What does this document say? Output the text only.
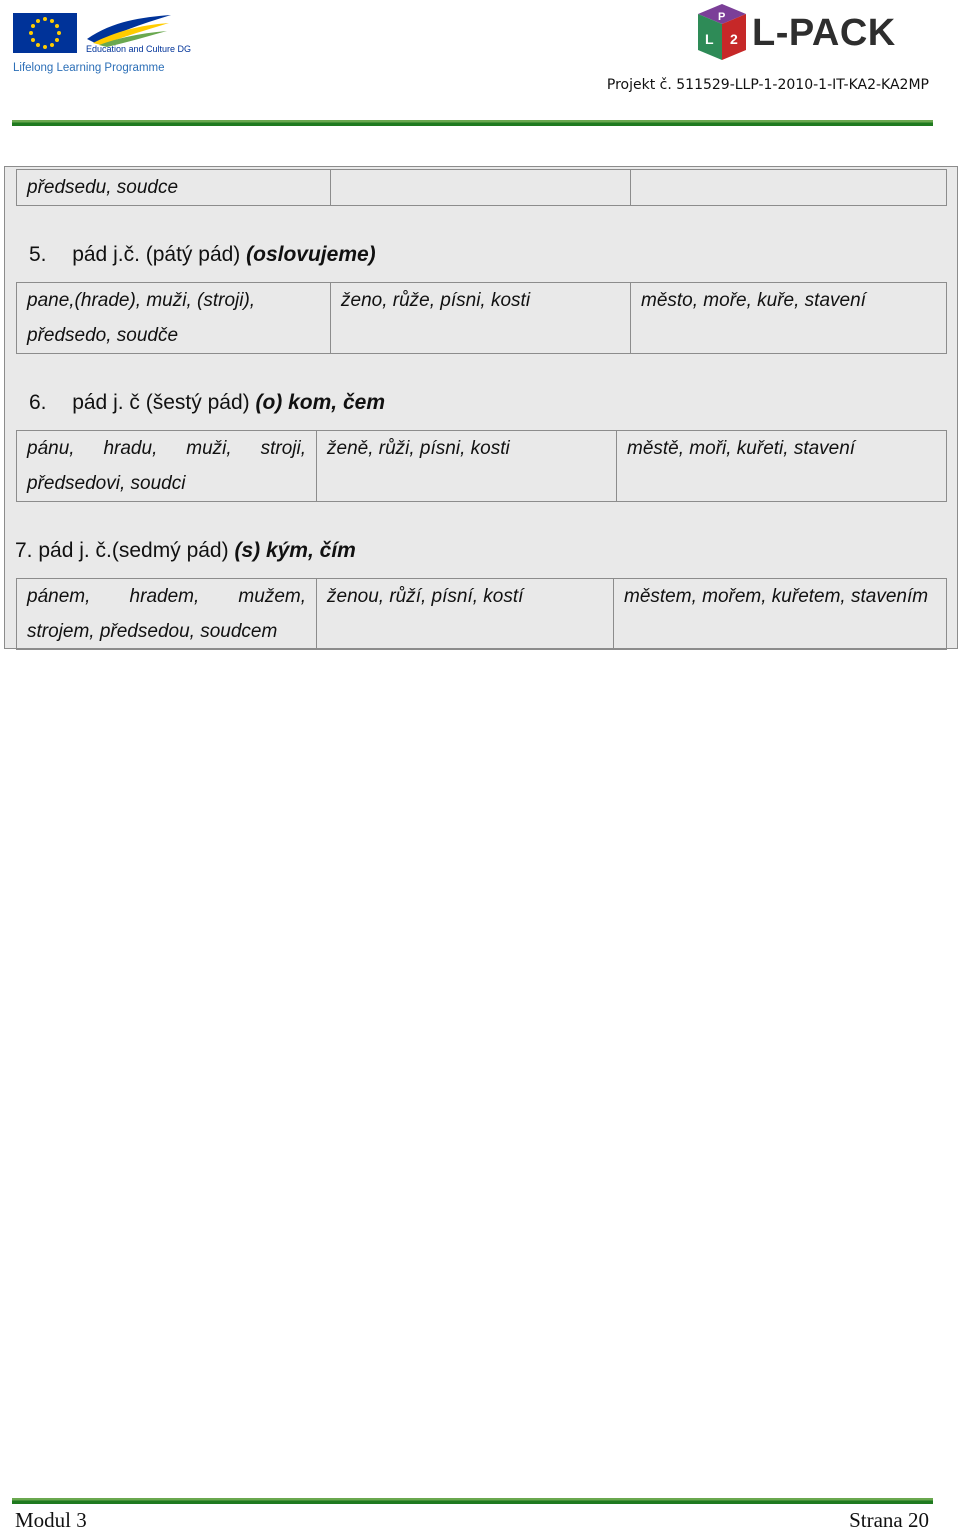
Education and Culture DG
Lifelong Learning Programme
P
L 2 L-PACK
Projekt č. 511529-LLP-1-2010-1-IT-KA2-KA2MP
předsedu, soudce		
5. pád j.č. (pátý pád) (oslovujeme)
pane,(hrade), muži, (stroji), předsedo, soudče	ženo, růže, písni, kosti	město, moře, kuře, stavení
6. pád j. č (šestý pád) (o) kom, čem
pánu, hradu, muži, stroji, předsedovi, soudci	ženě, růži, písni, kosti	městě, moři, kuřeti, stavení
7. pád j. č.(sedmý pád) (s) kým, čím
pánem, hradem, mužem, strojem, předsedou, soudcem	ženou, růží, písní, kostí	městem, mořem, kuřetem, stavením
Modul 3	Strana 20
